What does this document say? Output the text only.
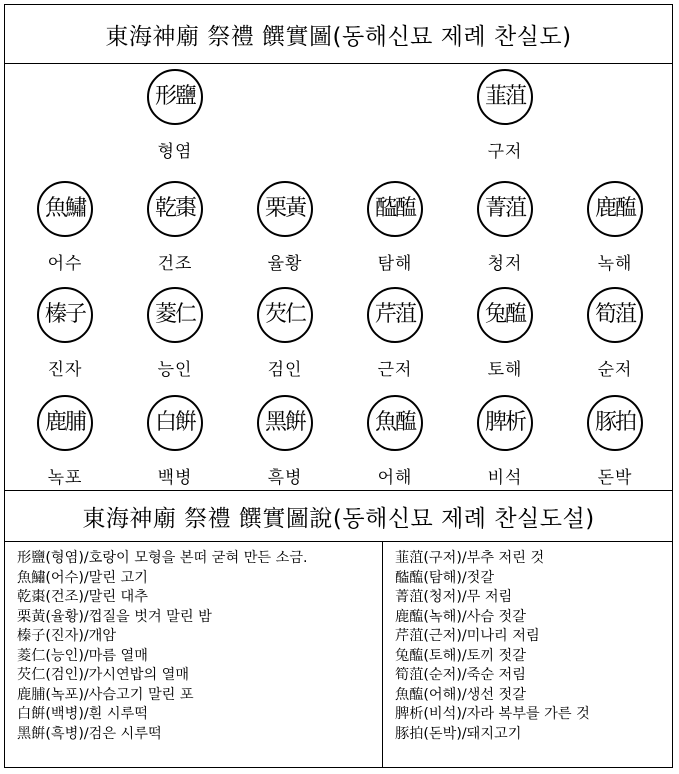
東海神廟 祭禮 饌實圖(동해신묘 제례 찬실도)
形鹽
형염
韮菹
구저
魚鱐
어수
乾棗
건조
栗黃
율황
醓醢
탐해
菁菹
청저
鹿醢
녹해
榛子
진자
菱仁
능인
芡仁
검인
芹菹
근저
兔醢
토해
筍菹
순저
鹿脯
녹포
白餠
백병
黑餠
흑병
魚醢
어해
脾析
비석
豚拍
돈박
東海神廟 祭禮 饌實圖說(동해신묘 제례 찬실도설)
形鹽(형염)/호랑이 모형을 본떠 굳혀 만든 소금.
魚鱐(어수)/말린 고기
乾棗(건조)/말린 대추
栗黃(율황)/껍질을 벗겨 말린 밤
榛子(진자)/개암
菱仁(능인)/마름 열매
芡仁(검인)/가시연밥의 열매
鹿脯(녹포)/사슴고기 말린 포
白餠(백병)/흰 시루떡
黑餠(흑병)/검은 시루떡
韮菹(구저)/부추 저린 것
醓醢(탐해)/젓갈
菁菹(청저)/무 저림
鹿醢(녹해)/사슴 젓갈
芹菹(근저)/미나리 저림
兔醢(토해)/토끼 젓갈
筍菹(순저)/죽순 저림
魚醢(어해)/생선 젓갈
脾析(비석)/자라 복부를 가른 것
豚拍(돈박)/돼지고기
